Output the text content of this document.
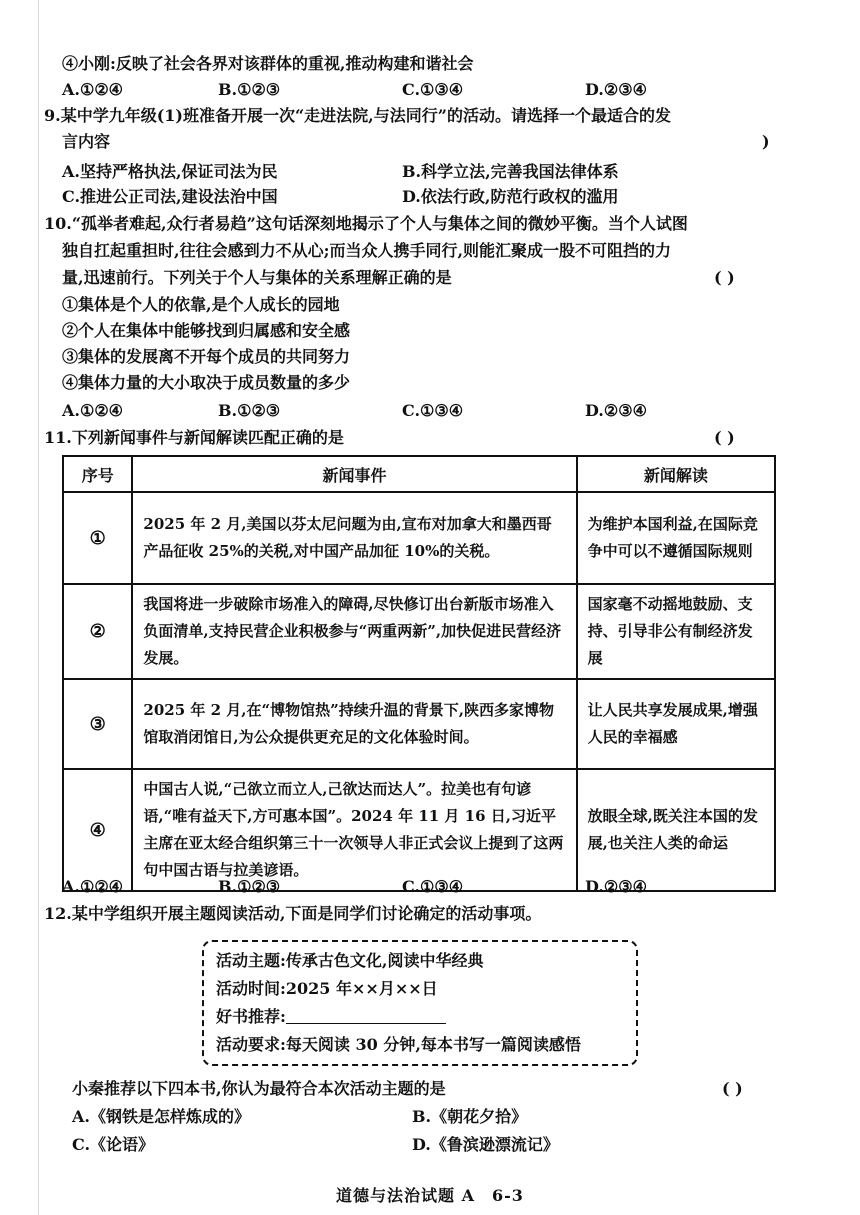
④小刚:反映了社会各界对该群体的重视,推动构建和谐社会
A.①②④	B.①②③	C.①③④	D.②③④
9.某中学九年级(1)班准备开展一次“走进法院,与法同行”的活动。请选择一个最适合的发
言内容	)
A.坚持严格执法,保证司法为民	B.科学立法,完善我国法律体系
C.推进公正司法,建设法治中国	D.依法行政,防范行政权的滥用
10.“孤举者难起,众行者易趋”这句话深刻地揭示了个人与集体之间的微妙平衡。当个人试图
独自扛起重担时,往往会感到力不从心;而当众人携手同行,则能汇聚成一股不可阻挡的力
量,迅速前行。下列关于个人与集体的关系理解正确的是	( )
①集体是个人的依靠,是个人成长的园地
②个人在集体中能够找到归属感和安全感
③集体的发展离不开每个成员的共同努力
④集体力量的大小取决于成员数量的多少
A.①②④	B.①②③	C.①③④	D.②③④
11.下列新闻事件与新闻解读匹配正确的是	( )
序号	新闻事件	新闻解读
①	2025 年 2 月,美国以芬太尼问题为由,宣布对加拿大和墨西哥产品征收 25%的关税,对中国产品加征 10%的关税。	为维护本国利益,在国际竞争中可以不遵循国际规则
②	我国将进一步破除市场准入的障碍,尽快修订出台新版市场准入负面清单,支持民营企业积极参与“两重两新”,加快促进民营经济发展。	国家毫不动摇地鼓励、支持、引导非公有制经济发展
③	2025 年 2 月,在“博物馆热”持续升温的背景下,陕西多家博物馆取消闭馆日,为公众提供更充足的文化体验时间。	让人民共享发展成果,增强人民的幸福感
④	中国古人说,“己欲立而立人,己欲达而达人”。拉美也有句谚语,“唯有益天下,方可惠本国”。2024 年 11 月 16 日,习近平主席在亚太经合组织第三十一次领导人非正式会议上提到了这两句中国古语与拉美谚语。	放眼全球,既关注本国的发展,也关注人类的命运
A.①②④	B.①②③	C.①③④	D.②③④
12.某中学组织开展主题阅读活动,下面是同学们讨论确定的活动事项。
活动主题:传承古色文化,阅读中华经典
活动时间:2025 年××月××日
好书推荐:
活动要求:每天阅读 30 分钟,每本书写一篇阅读感悟
小秦推荐以下四本书,你认为最符合本次活动主题的是	( )
A.《钢铁是怎样炼成的》	B.《朝花夕拾》
C.《论语》	D.《鲁滨逊漂流记》
道德与法治试题 A　6-3
